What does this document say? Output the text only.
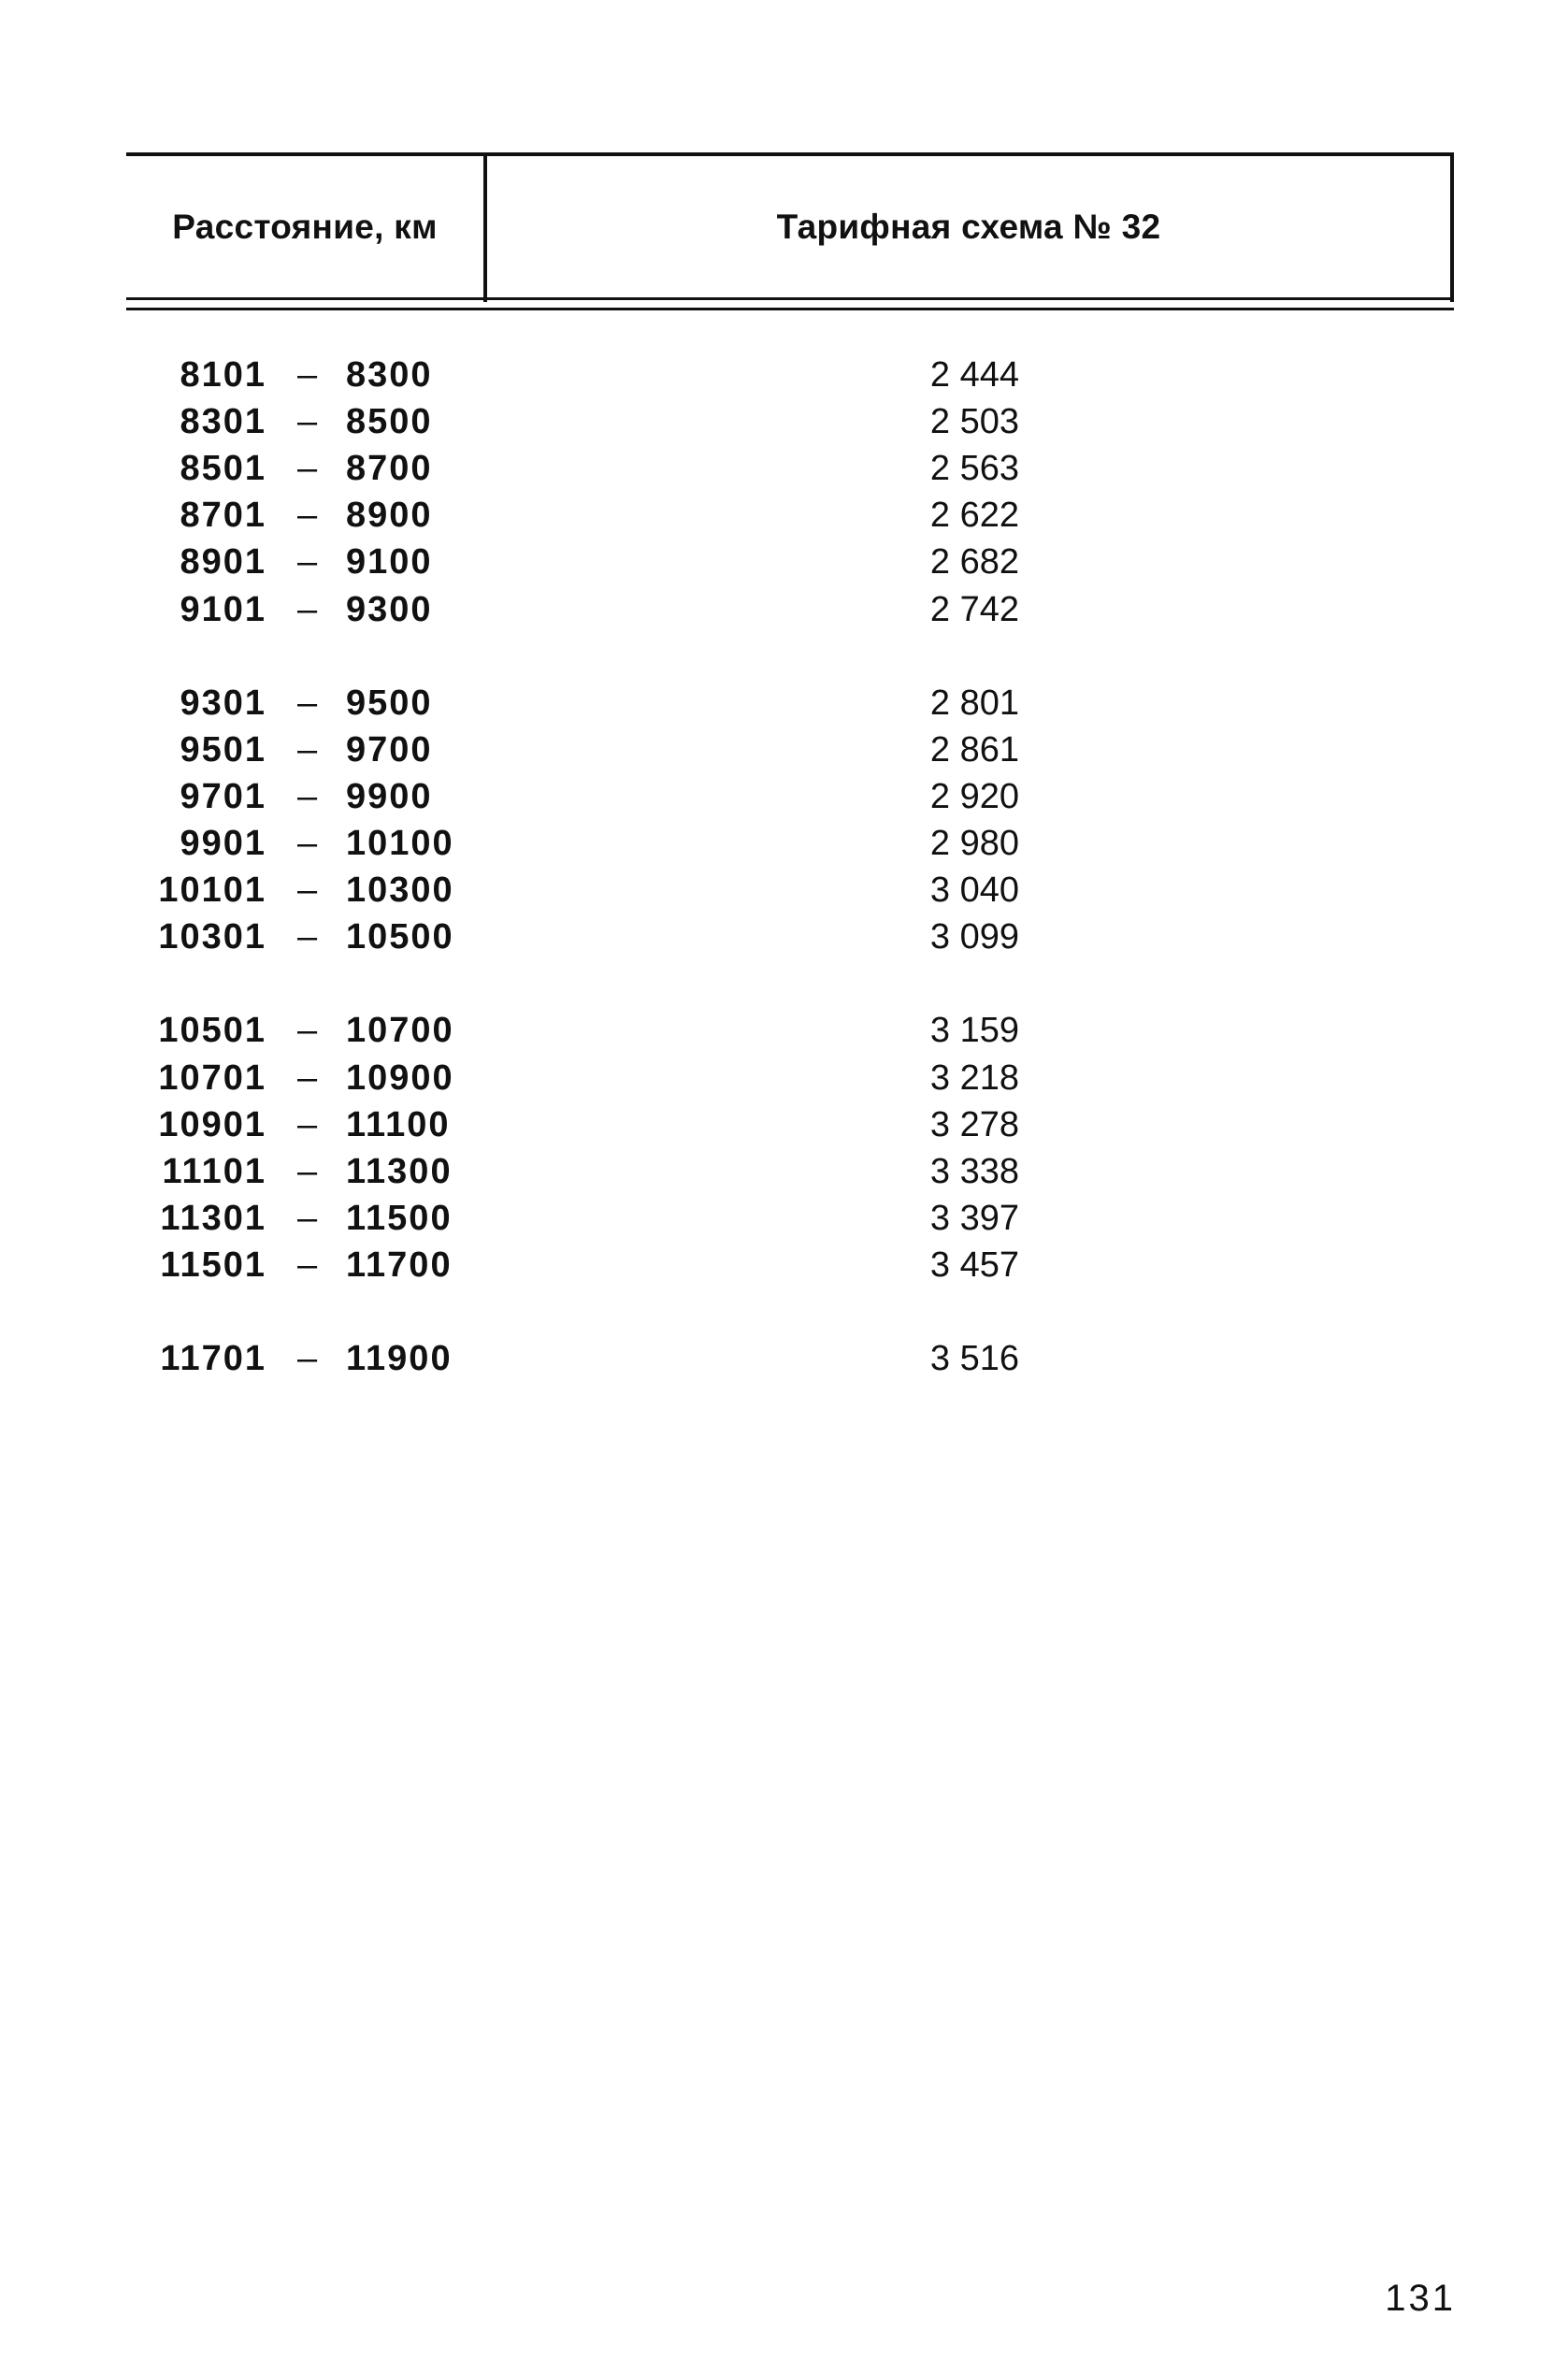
Расстояние, км	Тарифная схема № 32
8101 – 8300	2 444
8301 – 8500	2 503
8501 – 8700	2 563
8701 – 8900	2 622
8901 – 9100	2 682
9101 – 9300	2 742
9301 – 9500	2 801
9501 – 9700	2 861
9701 – 9900	2 920
9901 – 10100	2 980
10101 – 10300	3 040
10301 – 10500	3 099
10501 – 10700	3 159
10701 – 10900	3 218
10901 – 11100	3 278
11101 – 11300	3 338
11301 – 11500	3 397
11501 – 11700	3 457
11701 – 11900	3 516
131
